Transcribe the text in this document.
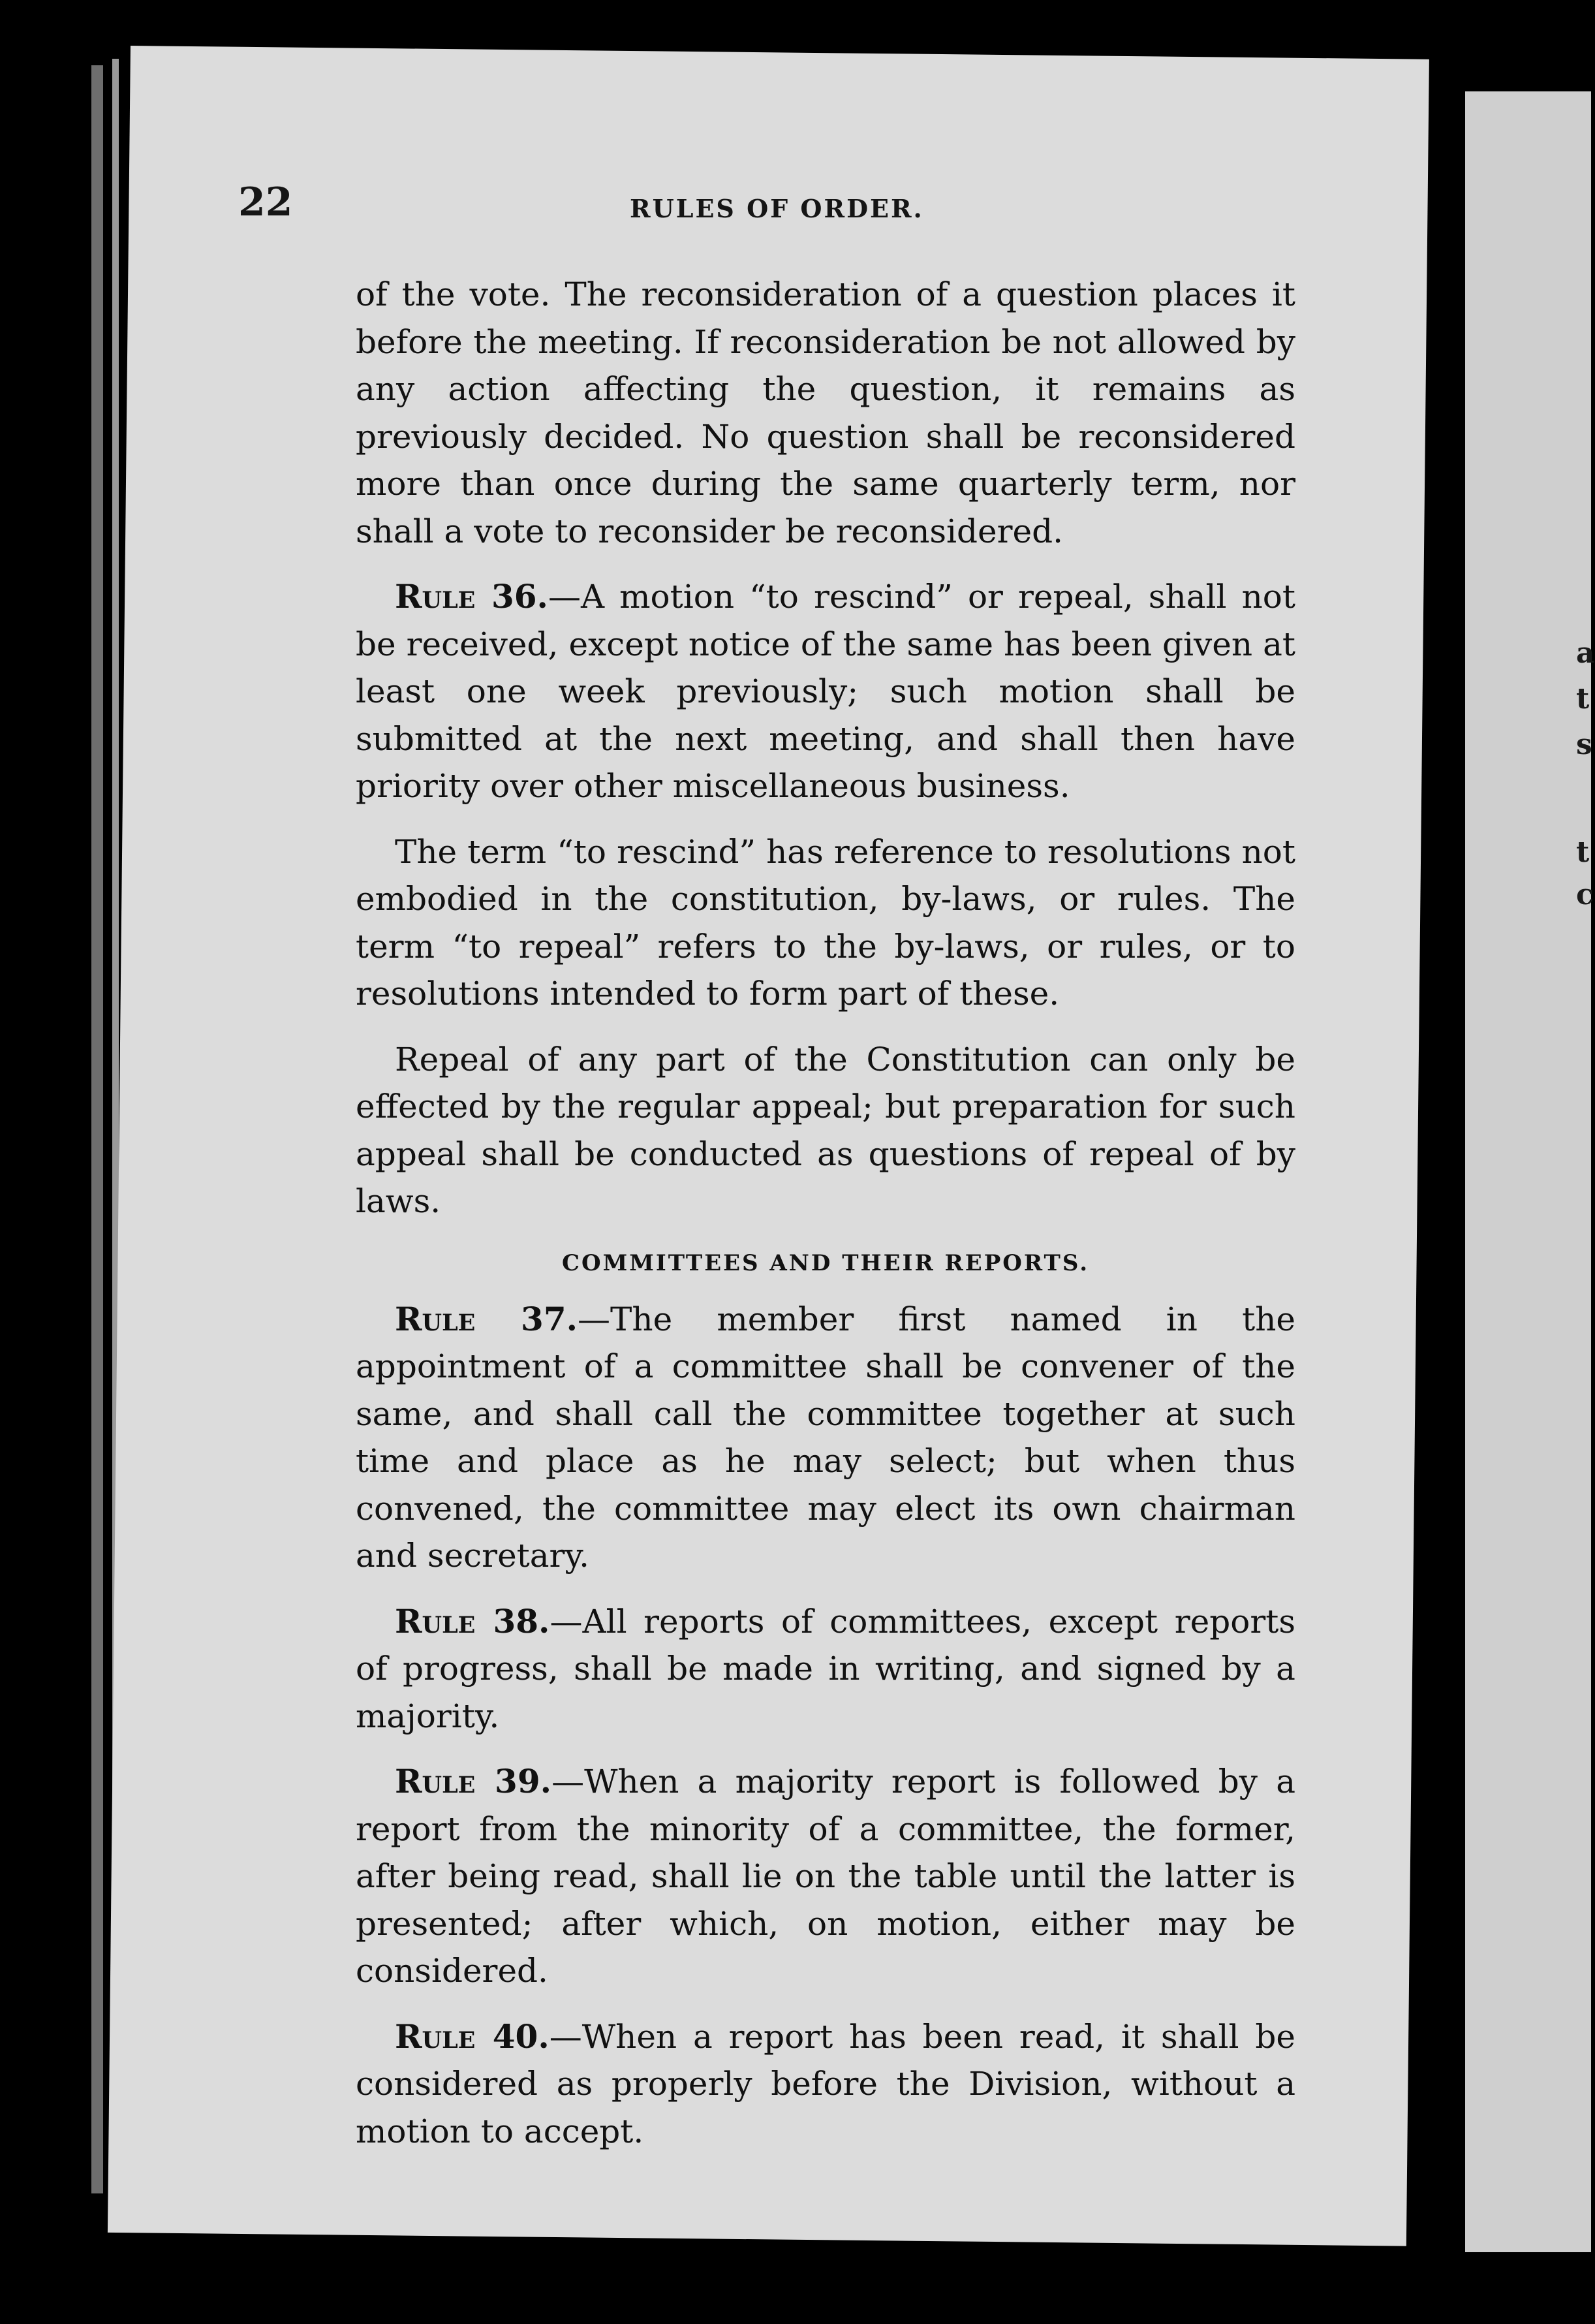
a
t
s
t
c
22	RULES OF ORDER.

of the vote. The reconsideration of a question places it before the meeting. If reconsideration be not allowed by any action affecting the question, it remains as previously decided. No question shall be reconsidered more than once during the same quarterly term, nor shall a vote to reconsider be reconsidered.

Rule 36.—A motion “to rescind” or repeal, shall not be received, except notice of the same has been given at least one week previously; such motion shall be submitted at the next meeting, and shall then have priority over other miscellaneous business.

The term “to rescind” has reference to resolutions not embodied in the constitution, by-laws, or rules. The term “to repeal” refers to the by-laws, or rules, or to resolutions intended to form part of these.

Repeal of any part of the Constitution can only be effected by the regular appeal; but preparation for such appeal shall be conducted as questions of repeal of by laws.

COMMITTEES AND THEIR REPORTS.

Rule 37.—The member first named in the appointment of a committee shall be convener of the same, and shall call the committee together at such time and place as he may select; but when thus convened, the committee may elect its own chairman and secretary.

Rule 38.—All reports of committees, except reports of progress, shall be made in writing, and signed by a majority.

Rule 39.—When a majority report is followed by a report from the minority of a committee, the former, after being read, shall lie on the table until the latter is presented; after which, on motion, either may be considered.

Rule 40.—When a report has been read, it shall be considered as properly before the Division, without a motion to accept.
